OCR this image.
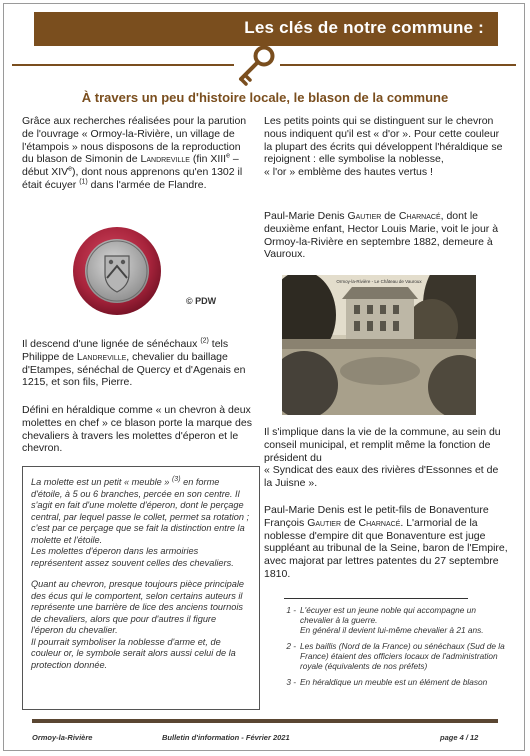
Les clés de notre commune :
À travers un peu d'histoire locale, le blason de la commune

Grâce aux recherches réalisées pour la parution de l'ouvrage « Ormoy-la-Rivière, un village de l'étampois » nous disposons de la reproduction du blason de Simonin de Landreville (fin XIIIe – début XIVe), dont nous apprenons qu'en 1302 il était écuyer $^{(1)}$ dans l'armée de Flandre.

© PDW

Il descend d'une lignée de sénéchaux $^{(2)}$ tels Philippe de Landreville, chevalier du baillage d'Etampes, sénéchal de Quercy et d'Agenais en 1215, et son fils, Pierre.

Défini en héraldique comme « un chevron à deux molettes en chef » ce blason porte la marque des chevaliers à travers les molettes d'éperon et le chevron.

La molette est un petit « meuble » $^{(3)}$ en forme d'étoile, à 5 ou 6 branches, percée en son centre. Il s'agit en fait d'une molette d'éperon, dont le perçage central, par lequel passe le collet, permet sa rotation ; c'est par ce perçage que se fait la distinction entre la molette et l'étoile.

Les molettes d'éperon dans les armoiries représentent assez souvent celles des chevaliers.

Quant au chevron, presque toujours pièce principale des écus qui le comportent, selon certains auteurs il représente une barrière de lice des anciens tournois de chevaliers, alors que pour d'autres il figure l'éperon du chevalier.

Il pourrait symboliser la noblesse d'arme et, de couleur or, le symbole serait alors aussi celui de la protection donnée.

Les petits points qui se distinguent sur le chevron nous indiquent qu'il est « d'or ». Pour cette couleur la plupart des écrits qui développent l'héraldique se rejoignent : elle symbolise la noblesse,

« l'or » emblème des hautes vertus !

Paul-Marie Denis Gautier de Charnacé, dont le deuxième enfant, Hector Louis Marie, voit le jour à Ormoy-la-Rivière en septembre 1882, demeure à Vauroux.

Ormoy-la-Rivière - Le Château de Vauroux

Il s'implique dans la vie de la commune, au sein du conseil municipal, et remplit même la fonction de président du

« Syndicat des eaux des rivières d'Essonnes et de la Juisne ».

Paul-Marie Denis est le petit-fils de Bonaventure François Gautier de Charnacé. L'armorial de la noblesse d'empire dit que Bonaventure est juge suppléant au tribunal de la Seine, baron de l'Empire, avec majorat par lettres patentes du 27 septembre 1810.

1 - L'écuyer est un jeune noble qui accompagne un chevalier à la guerre.
En général il devient lui-même chevalier à 21 ans.
2 - Les baillis (Nord de la France) ou sénéchaux (Sud de la France) étaient des officiers locaux de l'administration royale (équivalents de nos préfets)
3 - En héraldique un meuble est un élément de blason
Ormoy-la-Rivière	Bulletin d'information - Février 2021	page 4 / 12
